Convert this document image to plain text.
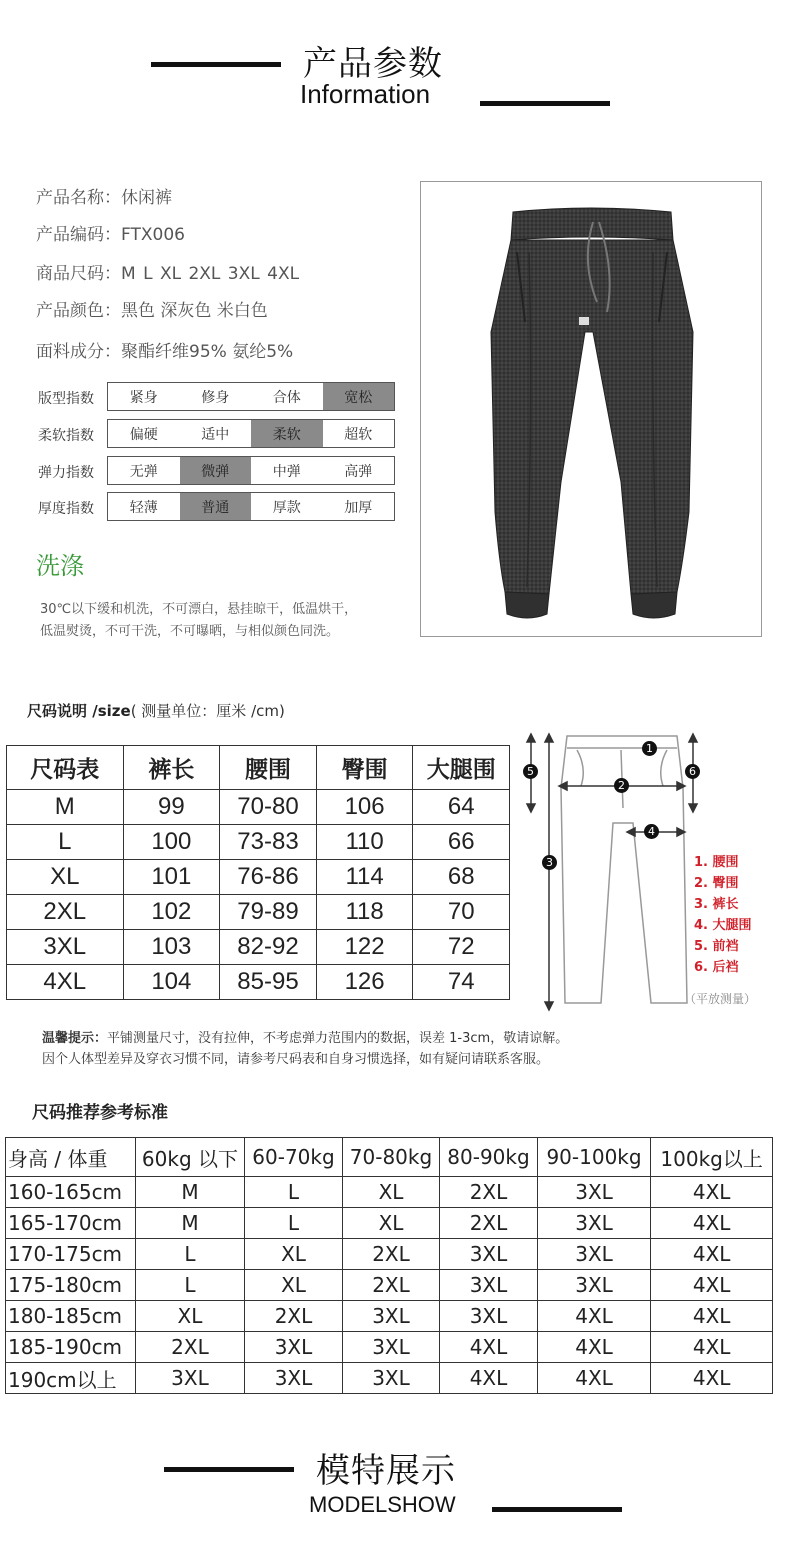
产品参数
Information
产品名称：休闲裤
产品编码：FTX006
商品尺码：M L XL 2XL 3XL 4XL
产品颜色：黑色 深灰色 米白色
面料成分：聚酯纤维95% 氨纶5%
版型指数	紧身	修身	合体	宽松
柔软指数	偏硬	适中	柔软	超软
弹力指数	无弹	微弹	中弹	高弹
厚度指数	轻薄	普通	厚款	加厚
洗涤
30℃以下缓和机洗，不可漂白，悬挂晾干，低温烘干，
低温熨烫，不可干洗，不可曝晒，与相似颜色同洗。
尺码说明 /size( 测量单位：厘米 /cm)
尺码表	裤长	腰围	臀围	大腿围
M	99	70-80	106	64
L	100	73-83	110	66
XL	101	76-86	114	68
2XL	102	79-89	118	70
3XL	103	82-92	122	72
4XL	104	85-95	126	74
1
2
3
4
5	6
1. 腰围
2. 臀围
3. 裤长
4. 大腿围
5. 前裆
6. 后裆
（平放测量）
温馨提示：平铺测量尺寸，没有拉伸，不考虑弹力范围内的数据，误差 1-3cm，敬请谅解。
因个人体型差异及穿衣习惯不同，请参考尺码表和自身习惯选择，如有疑问请联系客服。
尺码推荐参考标准
身高 / 体重	60kg 以下	60-70kg	70-80kg	80-90kg	90-100kg	100kg以上
160-165cm	M	L	XL	2XL	3XL	4XL
165-170cm	M	L	XL	2XL	3XL	4XL
170-175cm	L	XL	2XL	3XL	3XL	4XL
175-180cm	L	XL	2XL	3XL	3XL	4XL
180-185cm	XL	2XL	3XL	3XL	4XL	4XL
185-190cm	2XL	3XL	3XL	4XL	4XL	4XL
190cm以上	3XL	3XL	3XL	4XL	4XL	4XL
模特展示
MODELSHOW
